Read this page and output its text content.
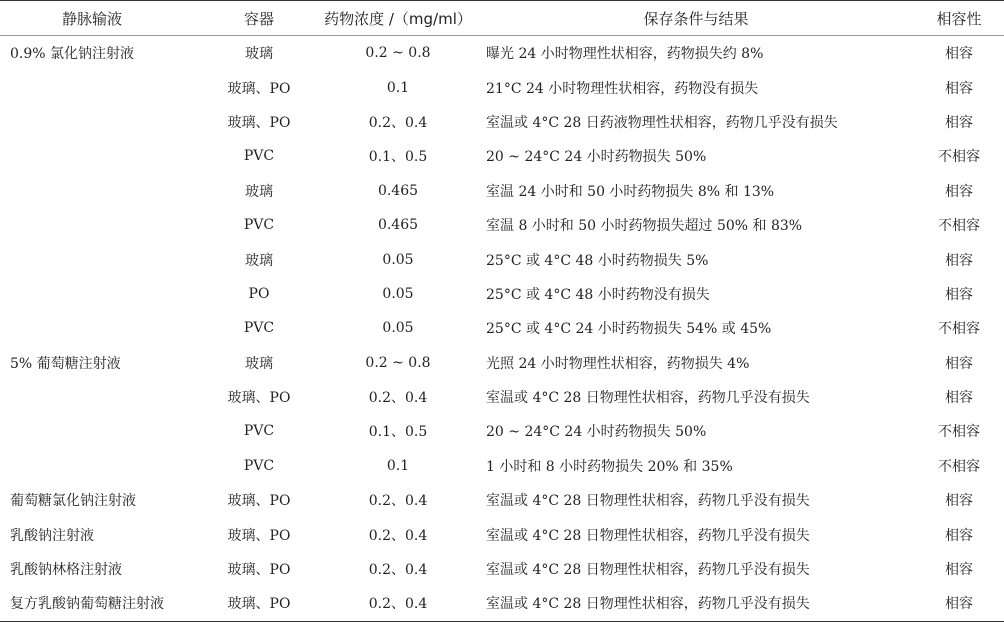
静脉输液	容器	药物浓度 /（mg/ml）	保存条件与结果	相容性
0.9% 氯化钠注射液	玻璃	0.2 ~ 0.8	曝光 24 小时物理性状相容，药物损失约 8%	相容
	玻璃、PO	0.1	21°C 24 小时物理性状相容，药物没有损失	相容
	玻璃、PO	0.2、0.4	室温或 4°C 28 日药液物理性状相容，药物几乎没有损失	相容
	PVC	0.1、0.5	20 ~ 24°C 24 小时药物损失 50%	不相容
	玻璃	0.465	室温 24 小时和 50 小时药物损失 8% 和 13%	相容
	PVC	0.465	室温 8 小时和 50 小时药物损失超过 50% 和 83%	不相容
	玻璃	0.05	25°C 或 4°C 48 小时药物损失 5%	相容
	PO	0.05	25°C 或 4°C 48 小时药物没有损失	相容
	PVC	0.05	25°C 或 4°C 24 小时药物损失 54% 或 45%	不相容
5% 葡萄糖注射液	玻璃	0.2 ~ 0.8	光照 24 小时物理性状相容，药物损失 4%	相容
	玻璃、PO	0.2、0.4	室温或 4°C 28 日物理性状相容，药物几乎没有损失	相容
	PVC	0.1、0.5	20 ~ 24°C 24 小时药物损失 50%	不相容
	PVC	0.1	1 小时和 8 小时药物损失 20% 和 35%	不相容
葡萄糖氯化钠注射液	玻璃、PO	0.2、0.4	室温或 4°C 28 日物理性状相容，药物几乎没有损失	相容
乳酸钠注射液	玻璃、PO	0.2、0.4	室温或 4°C 28 日物理性状相容，药物几乎没有损失	相容
乳酸钠林格注射液	玻璃、PO	0.2、0.4	室温或 4°C 28 日物理性状相容，药物几乎没有损失	相容
复方乳酸钠葡萄糖注射液	玻璃、PO	0.2、0.4	室温或 4°C 28 日物理性状相容，药物几乎没有损失	相容
